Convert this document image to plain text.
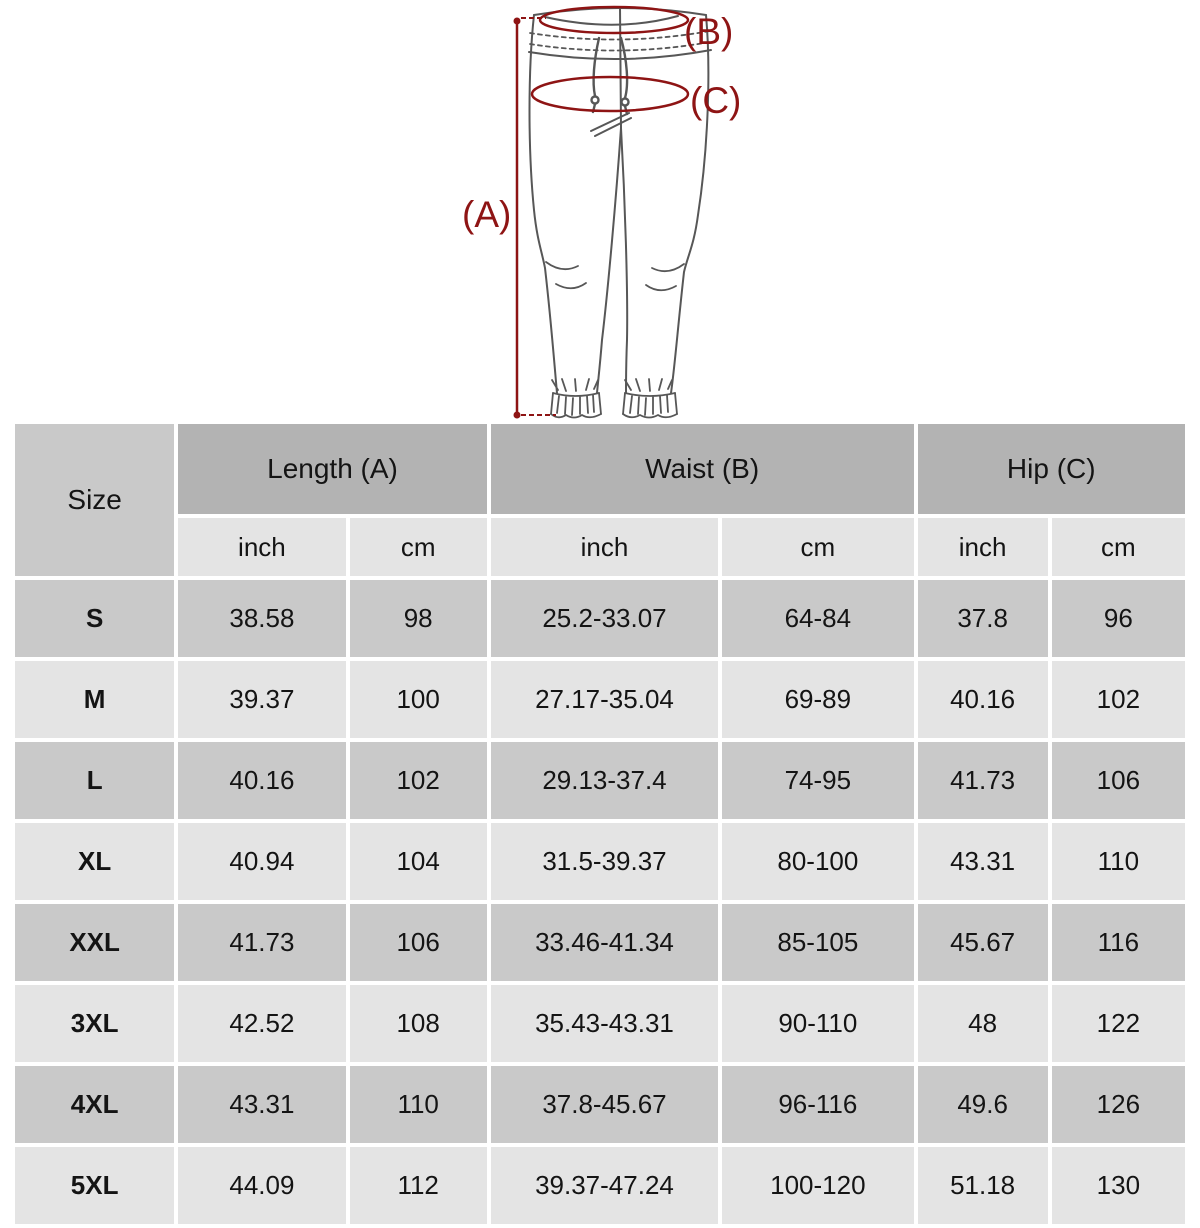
(B)
(C)
(A)
Size	Length (A)		Waist (B)		Hip (C)	
	inch	cm	inch	cm	inch	cm
S	38.58	98	25.2-33.07	64-84	37.8	96
M	39.37	100	27.17-35.04	69-89	40.16	102
L	40.16	102	29.13-37.4	74-95	41.73	106
XL	40.94	104	31.5-39.37	80-100	43.31	110
XXL	41.73	106	33.46-41.34	85-105	45.67	116
3XL	42.52	108	35.43-43.31	90-110	48	122
4XL	43.31	110	37.8-45.67	96-116	49.6	126
5XL	44.09	112	39.37-47.24	100-120	51.18	130
